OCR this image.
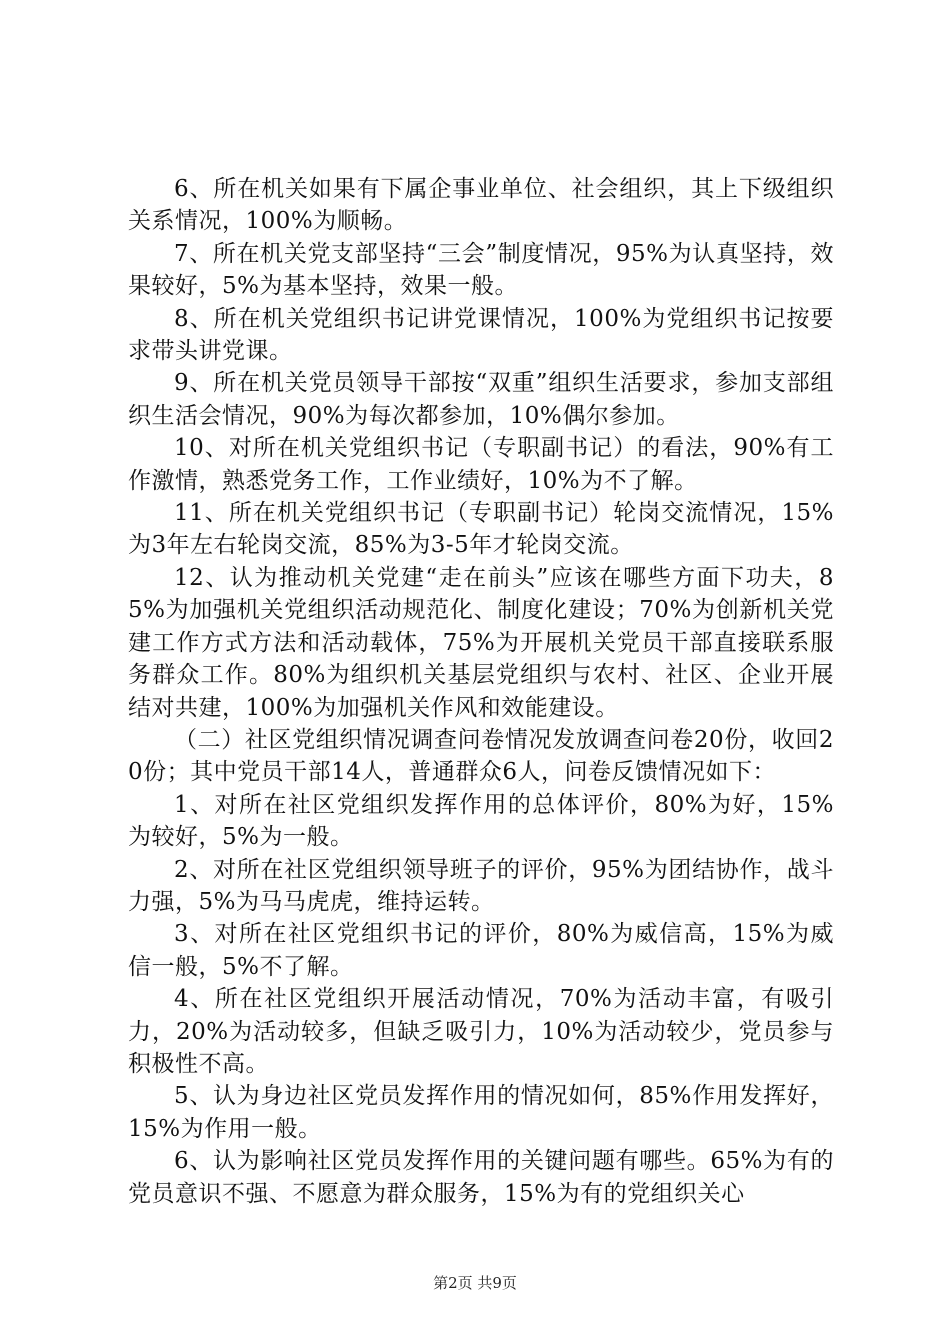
6、所在机关如果有下属企事业单位、社会组织，其上下级组织关系情况，100%为顺畅。

7、所在机关党支部坚持“三会”制度情况，95%为认真坚持，效果较好，5%为基本坚持，效果一般。

8、所在机关党组织书记讲党课情况，100%为党组织书记按要求带头讲党课。

9、所在机关党员领导干部按“双重”组织生活要求，参加支部组织生活会情况，90%为每次都参加，10%偶尔参加。

10、对所在机关党组织书记（专职副书记）的看法，90%有工作激情，熟悉党务工作，工作业绩好，10%为不了解。

11、所在机关党组织书记（专职副书记）轮岗交流情况，15%为3年左右轮岗交流，85%为3-5年才轮岗交流。

12、认为推动机关党建“走在前头”应该在哪些方面下功夫，85%为加强机关党组织活动规范化、制度化建设；70%为创新机关党建工作方式方法和活动载体，75%为开展机关党员干部直接联系服务群众工作。80%为组织机关基层党组织与农村、社区、企业开展结对共建，100%为加强机关作风和效能建设。

（二）社区党组织情况调查问卷情况发放调查问卷20份，收回20份；其中党员干部14人，普通群众6人，问卷反馈情况如下：

1、对所在社区党组织发挥作用的总体评价，80%为好，15%为较好，5%为一般。

2、对所在社区党组织领导班子的评价，95%为团结协作，战斗力强，5%为马马虎虎，维持运转。

3、对所在社区党组织书记的评价，80%为威信高，15%为威信一般，5%不了解。

4、所在社区党组织开展活动情况，70%为活动丰富，有吸引力，20%为活动较多，但缺乏吸引力，10%为活动较少，党员参与积极性不高。

5、认为身边社区党员发挥作用的情况如何，85%作用发挥好，15%为作用一般。

6、认为影响社区党员发挥作用的关键问题有哪些。65%为有的党员意识不强、不愿意为群众服务，15%为有的党组织关心

第2页 共9页
